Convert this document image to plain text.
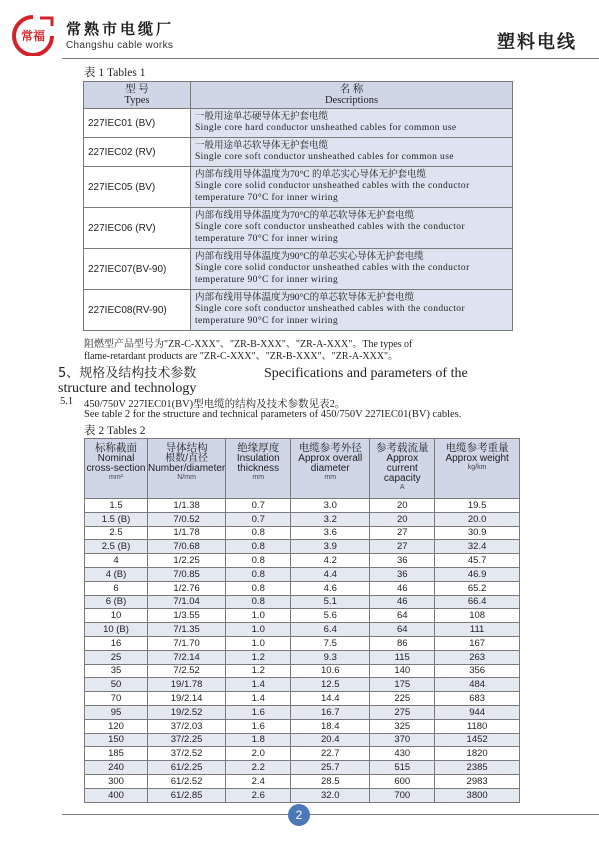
常福 常熟市电缆厂
Changshu cable works	塑料电线
表 1 Tables 1
型 号
Types	名 称
Descriptions

227IEC01 (BV)	一般用途单芯硬导体无护套电缆
Single core hard conductor unsheathed cables for common use

227IEC02 (RV)	一般用途单芯软导体无护套电缆
Single core soft conductor unsheathed cables for common use

227IEC05 (BV)	内部布线用导体温度为70°C 的单芯实心导体无护套电缆
Single core solid conductor unsheathed cables with the conductor temperature 70°C for inner wiring

227IEC06 (RV)	内部布线用导体温度为70°C的单芯软导体无护套电缆
Single core soft conductor unsheathed cables with the conductor temperature 70°C for inner wiring

227IEC07(BV-90)	内部布线用导体温度为90°C的单芯实心导体无护套电缆
Single core solid conductor unsheathed cables with the conductor temperature 90°C for inner wiring

227IEC08(RV-90)	内部布线用导体温度为90°C的单芯软导体无护套电缆
Single core soft conductor unsheathed cables with the conductor temperature 90°C for inner wiring
阻燃型产品型号为"ZR-C-XXX"、"ZR-B-XXX"、"ZR-A-XXX"。The types of
flame-retardant products are "ZR-C-XXX"、"ZR-B-XXX"、"ZR-A-XXX"。
5、规格及结构技术参数	Specifications and parameters of the
structure and technology
5.1 450/750V 227IEC01(BV)型电缆的结构及技术参数见表2。
See table 2 for the structure and technical parameters of 450/750V 227IEC01(BV) cables.
表 2 Tables 2
标称截面
Nominal cross-section
mm²	导体结构
根数/直径 Number/diameter
N/mm	绝缘厚度
Insulation thickness
mm	电缆参考外径
Approx overall diameter
mm	参考载流量
Approx current capacity
A	电缆参考重量
Approx weight
kg/km

1.5	1/1.38	0.7	3.0	20	19.5
1.5 (B)	7/0.52	0.7	3.2	20	20.0
2.5	1/1.78	0.8	3.6	27	30.9
2.5 (B)	7/0.68	0.8	3.9	27	32.4
4	1/2.25	0.8	4.2	36	45.7
4 (B)	7/0.85	0.8	4.4	36	46.9
6	1/2.76	0.8	4.6	46	65.2
6 (B)	7/1.04	0.8	5.1	46	66.4
10	1/3.55	1.0	5.6	64	108
10 (B)	7/1.35	1.0	6.4	64	111
16	7/1.70	1.0	7.5	86	167
25	7/2.14	1.2	9.3	115	263
35	7/2.52	1.2	10.6	140	356
50	19/1.78	1.4	12.5	175	484
70	19/2.14	1.4	14.4	225	683
95	19/2.52	1.6	16.7	275	944
120	37/2.03	1.6	18.4	325	1180
150	37/2.25	1.8	20.4	370	1452
185	37/2.52	2.0	22.7	430	1820
240	61/2.25	2.2	25.7	515	2385
300	61/2.52	2.4	28.5	600	2983
400	61/2.85	2.6	32.0	700	3800
2
